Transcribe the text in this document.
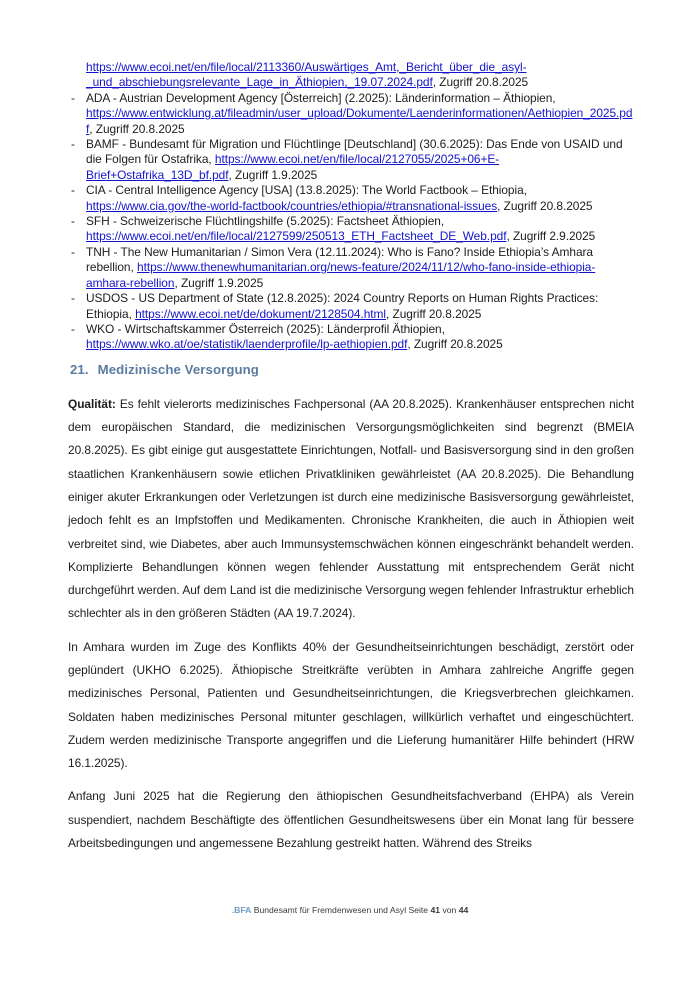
https://www.ecoi.net/en/file/local/2113360/Auswärtiges_Amt,_Bericht_über_die_asyl-_und_abschiebungsrelevante_Lage_in_Äthiopien,_19.07.2024.pdf, Zugriff 20.8.2025
- ADA - Austrian Development Agency [Österreich] (2.2025): Länderinformation – Äthiopien, https://www.entwicklung.at/fileadmin/user_upload/Dokumente/Laenderinformationen/Aethiopien_2025.pdf, Zugriff 20.8.2025
- BAMF - Bundesamt für Migration und Flüchtlinge [Deutschland] (30.6.2025): Das Ende von USAID und die Folgen für Ostafrika, https://www.ecoi.net/en/file/local/2127055/2025+06+E-Brief+Ostafrika_13D_bf.pdf, Zugriff 1.9.2025
- CIA - Central Intelligence Agency [USA] (13.8.2025): The World Factbook – Ethiopia, https://www.cia.gov/the-world-factbook/countries/ethiopia/#transnational-issues, Zugriff 20.8.2025
- SFH - Schweizerische Flüchtlingshilfe (5.2025): Factsheet Äthiopien, https://www.ecoi.net/en/file/local/2127599/250513_ETH_Factsheet_DE_Web.pdf, Zugriff 2.9.2025
- TNH - The New Humanitarian / Simon Vera (12.11.2024): Who is Fano? Inside Ethiopia’s Amhara rebellion, https://www.thenewhumanitarian.org/news-feature/2024/11/12/who-fano-inside-ethiopia-amhara-rebellion, Zugriff 1.9.2025
- USDOS - US Department of State (12.8.2025): 2024 Country Reports on Human Rights Practices: Ethiopia, https://www.ecoi.net/de/dokument/2128504.html, Zugriff 20.8.2025
- WKO - Wirtschaftskammer Österreich (2025): Länderprofil Äthiopien, https://www.wko.at/oe/statistik/laenderprofile/lp-aethiopien.pdf, Zugriff 20.8.2025
21. Medizinische Versorgung

Qualität: Es fehlt vielerorts medizinisches Fachpersonal (AA 20.8.2025). Krankenhäuser entsprechen nicht dem europäischen Standard, die medizinischen Versorgungsmöglichkeiten sind begrenzt (BMEIA 20.8.2025). Es gibt einige gut ausgestattete Einrichtungen, Notfall- und Basisversorgung sind in den großen staatlichen Krankenhäusern sowie etlichen Privatkliniken gewährleistet (AA 20.8.2025). Die Behandlung einiger akuter Erkrankungen oder Verletzungen ist durch eine medizinische Basisversorgung gewährleistet, jedoch fehlt es an Impfstoffen und Medikamenten. Chronische Krankheiten, die auch in Äthiopien weit verbreitet sind, wie Diabetes, aber auch Immunsystemschwächen können eingeschränkt behandelt werden. Komplizierte Behandlungen können wegen fehlender Ausstattung mit entsprechendem Gerät nicht durchgeführt werden. Auf dem Land ist die medizinische Versorgung wegen fehlender Infrastruktur erheblich schlechter als in den größeren Städten (AA 19.7.2024).

In Amhara wurden im Zuge des Konflikts 40% der Gesundheitseinrichtungen beschädigt, zerstört oder geplündert (UKHO 6.2025). Äthiopische Streitkräfte verübten in Amhara zahlreiche Angriffe gegen medizinisches Personal, Patienten und Gesundheitseinrichtungen, die Kriegsverbrechen gleichkamen. Soldaten haben medizinisches Personal mitunter geschlagen, willkürlich verhaftet und eingeschüchtert. Zudem werden medizinische Transporte angegriffen und die Lieferung humanitärer Hilfe behindert (HRW 16.1.2025).

Anfang Juni 2025 hat die Regierung den äthiopischen Gesundheitsfachverband (EHPA) als Verein suspendiert, nachdem Beschäftigte des öffentlichen Gesundheitswesens über ein Monat lang für bessere Arbeitsbedingungen und angemessene Bezahlung gestreikt hatten. Während des Streiks

.BFA Bundesamt für Fremdenwesen und Asyl Seite 41 von 44
